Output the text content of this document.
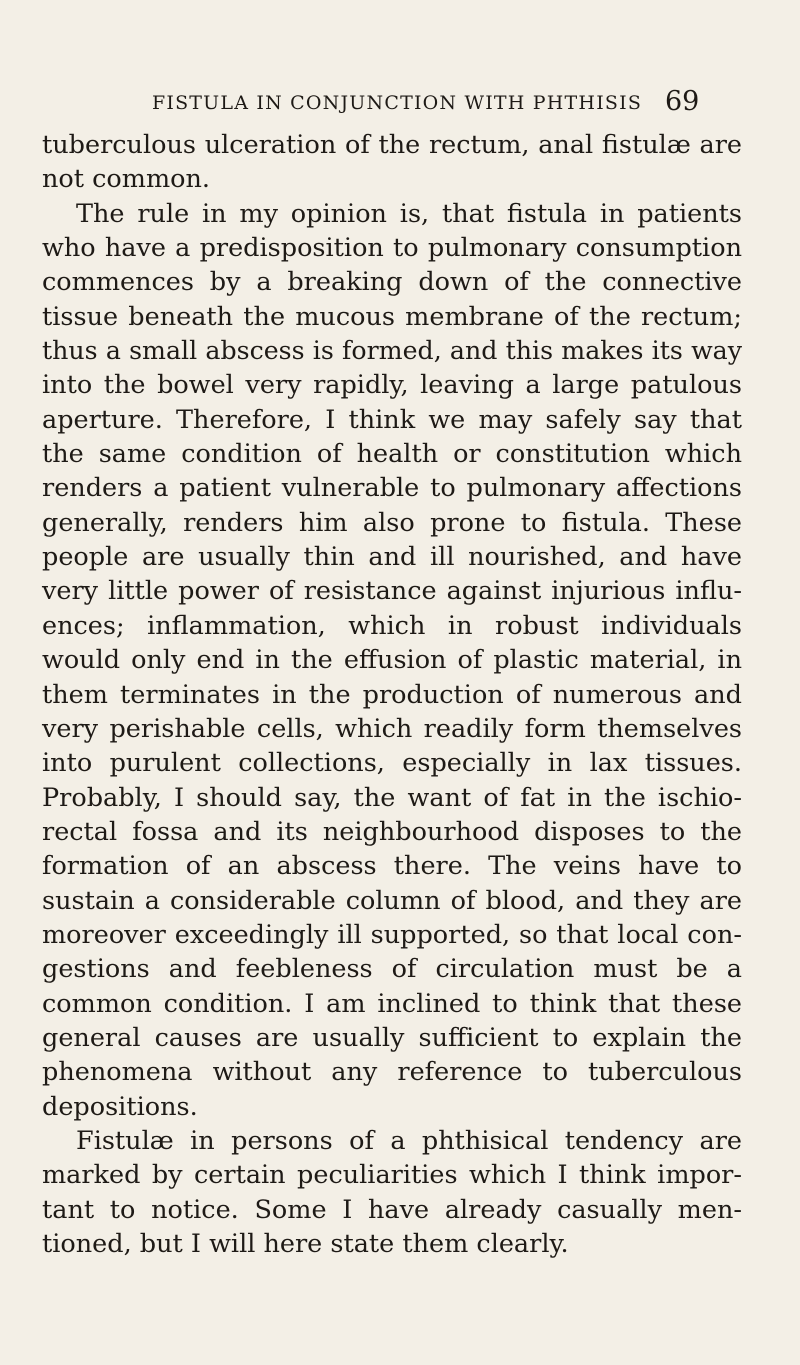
FISTULA IN CONJUNCTION WITH PHTHISIS 69
tuberculous ulceration of the rectum, anal fistulæ are
not common.
The rule in my opinion is, that fistula in patients
who have a predisposition to pulmonary consumption
commences by a breaking down of the connective
tissue beneath the mucous membrane of the rectum;
thus a small abscess is formed, and this makes its way
into the bowel very rapidly, leaving a large patulous
aperture. Therefore, I think we may safely say that
the same condition of health or constitution which
renders a patient vulnerable to pulmonary affections
generally, renders him also prone to fistula. These
people are usually thin and ill nourished, and have
very little power of resistance against injurious influ-
ences; inflammation, which in robust individuals
would only end in the effusion of plastic material, in
them terminates in the production of numerous and
very perishable cells, which readily form themselves
into purulent collections, especially in lax tissues.
Probably, I should say, the want of fat in the ischio-
rectal fossa and its neighbourhood disposes to the
formation of an abscess there. The veins have to
sustain a considerable column of blood, and they are
moreover exceedingly ill supported, so that local con-
gestions and feebleness of circulation must be a
common condition. I am inclined to think that these
general causes are usually sufficient to explain the
phenomena without any reference to tuberculous
depositions.
Fistulæ in persons of a phthisical tendency are
marked by certain peculiarities which I think impor-
tant to notice. Some I have already casually men-
tioned, but I will here state them clearly.
